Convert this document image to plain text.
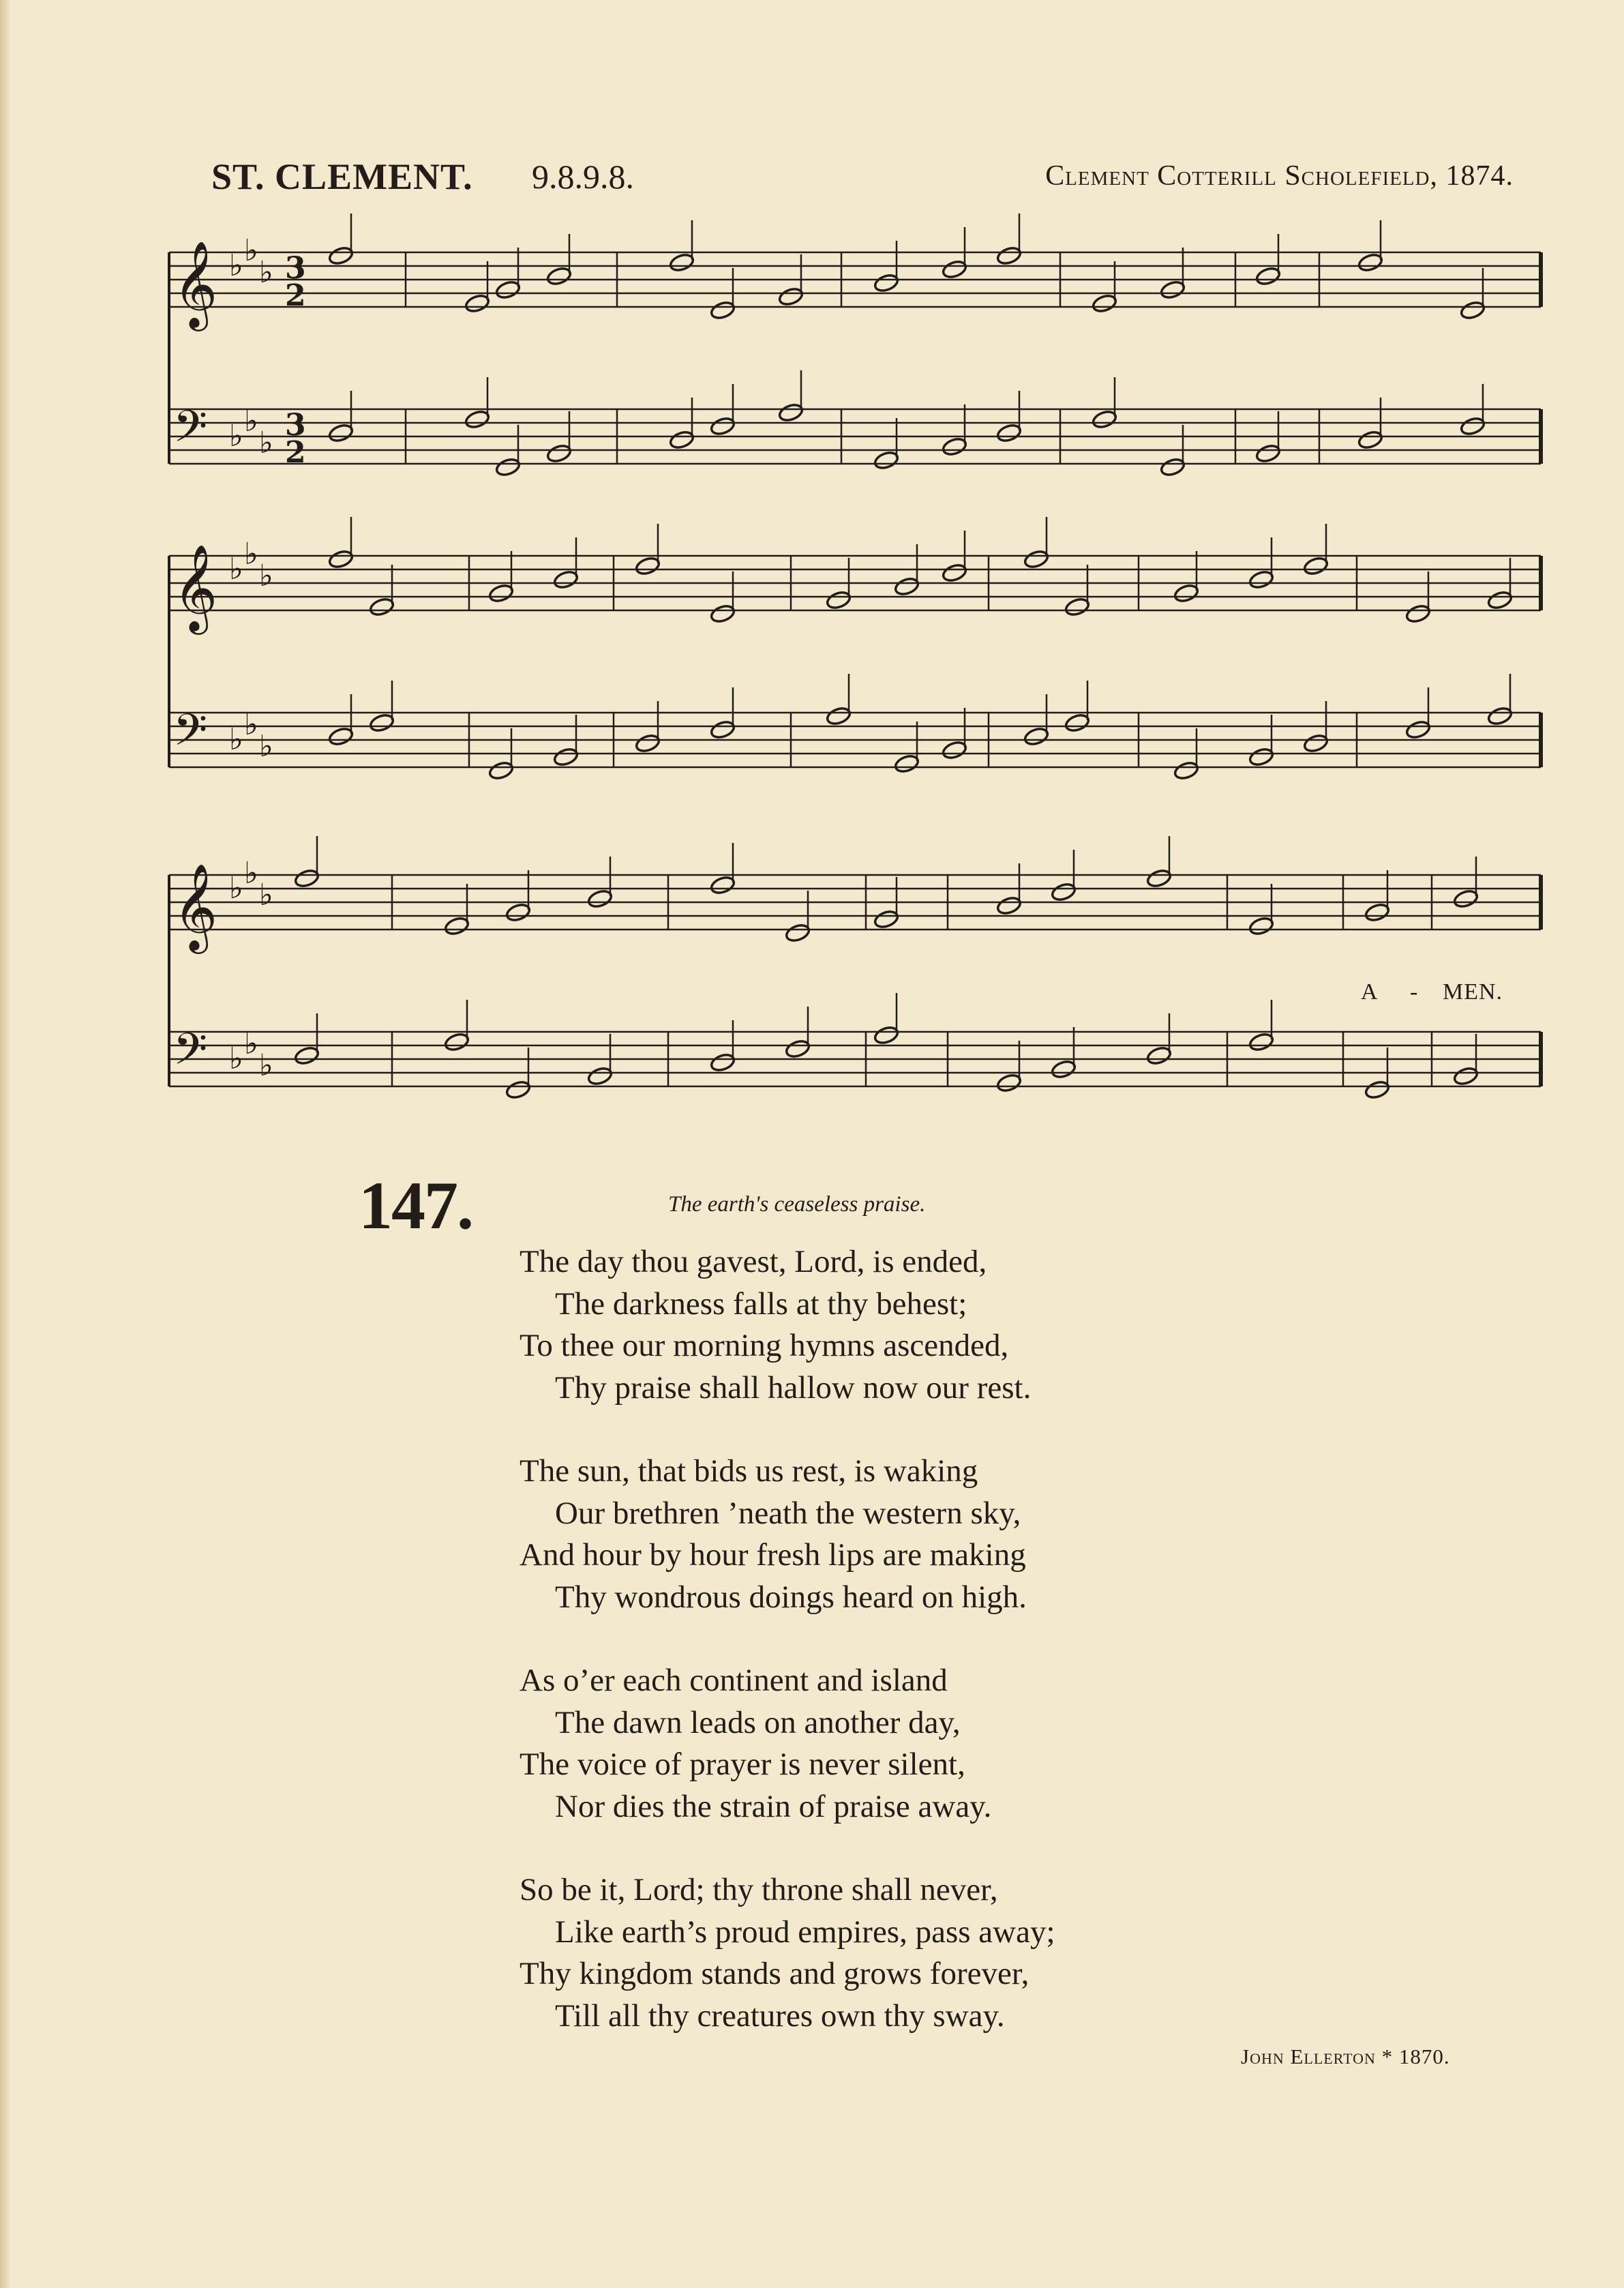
ST. CLEMENT. 9.8.9.8.	Clement Cotterill Scholefield, 1874.
𝄞 ♭ ♭
♭ 3
2
𝄢 ♭ ♭
♭
3
2
𝄞 ♭ ♭
♭
𝄢 ♭ ♭
♭
𝄞 ♭ ♭
♭
𝄢 ♭ ♭
♭
A - MEN.
147.	The earth's ceaseless praise.
The day thou gavest, Lord, is ended,
The darkness falls at thy behest;
To thee our morning hymns ascended,
Thy praise shall hallow now our rest.
The sun, that bids us rest, is waking
Our brethren ’neath the western sky,
And hour by hour fresh lips are making
Thy wondrous doings heard on high.
As o’er each continent and island
The dawn leads on another day,
The voice of prayer is never silent,
Nor dies the strain of praise away.
So be it, Lord; thy throne shall never,
Like earth’s proud empires, pass away;
Thy kingdom stands and grows forever,
Till all thy creatures own thy sway.
John Ellerton * 1870.
